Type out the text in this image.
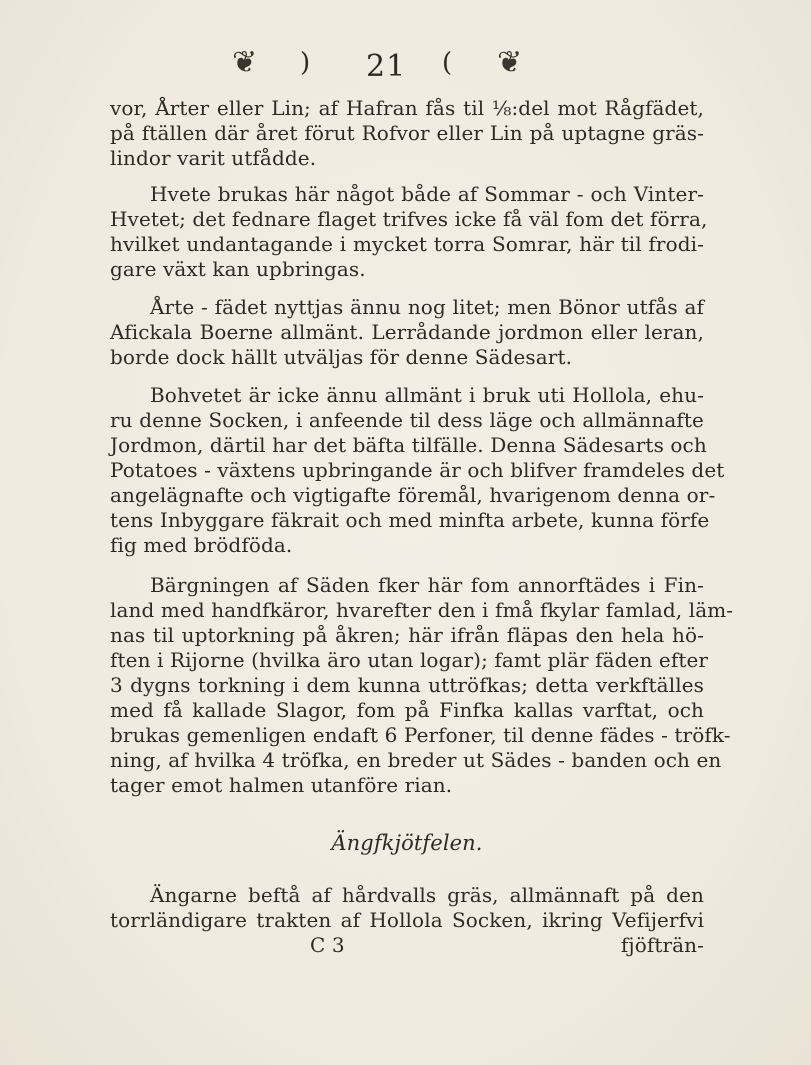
❦ ) 21 ( ❦
vor, Årter eller Lin; af Hafran fås til ⅛:del mot Rågfädet,
på ftällen där året förut Rofvor eller Lin på uptagne gräs-
lindor varit utfådde.
Hvete brukas här något både af Sommar - och Vinter-
Hvetet; det fednare flaget trifves icke få väl fom det förra,
hvilket undantagande i mycket torra Somrar, här til frodi-
gare växt kan upbringas.
Årte - fädet nyttjas ännu nog litet; men Bönor utfås af
Afickala Boerne allmänt. Lerrådande jordmon eller leran,
borde dock hällt utväljas för denne Sädesart.
Bohvetet är icke ännu allmänt i bruk uti Hollola, ehu-
ru denne Socken, i anfeende til dess läge och allmännafte
Jordmon, därtil har det bäfta tilfälle. Denna Sädesarts och
Potatoes - växtens upbringande är och blifver framdeles det
angelägnafte och vigtigafte föremål, hvarigenom denna or-
tens Inbyggare fäkrait och med minfta arbete, kunna förfe
fig med brödföda.
Bärgningen af Säden fker här fom annorftädes i Fin-
land med handfkäror, hvarefter den i fmå fkylar famlad, läm-
nas til uptorkning på åkren; här ifrån fläpas den hela hö-
ften i Rijorne (hvilka äro utan logar); famt plär fäden efter
3 dygns torkning i dem kunna uttröfkas; detta verkftälles
med få kallade Slagor, fom på Finfka kallas varftat, och
brukas gemenligen endaft 6 Perfoner, til denne fädes - tröfk-
ning, af hvilka 4 tröfka, en breder ut Sädes - banden och en
tager emot halmen utanföre rian.
Ängfkjötfelen.
Ängarne beftå af hårdvalls gräs, allmännaft på den
torrländigare trakten af Hollola Socken, ikring Vefijerfvi
C 3	fjöfträn-
